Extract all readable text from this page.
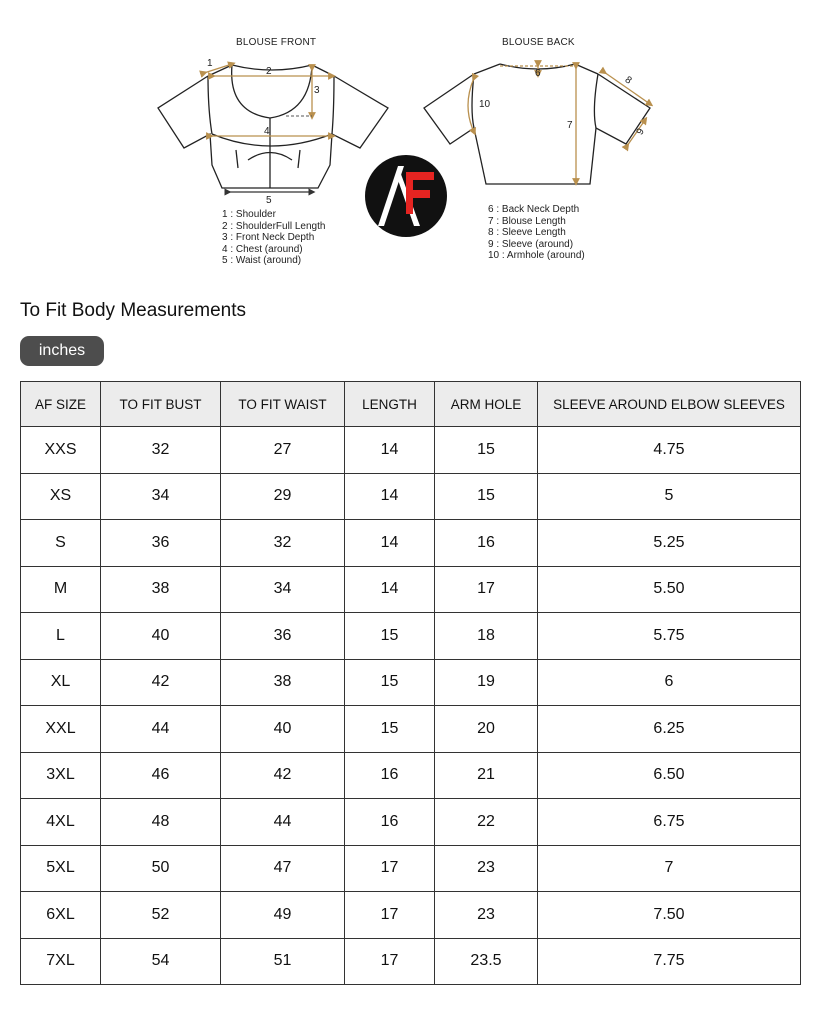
BLOUSE FRONT	BLOUSE BACK
1
2
3
4
5
6
7
8
9
10
1 : Shoulder
2 : ShoulderFull Length
3 : Front Neck Depth
4 : Chest (around)
5 : Waist (around)
6 : Back Neck Depth
7 : Blouse Length
8 : Sleeve Length
9 : Sleeve (around)
10 : Armhole (around)
To Fit Body Measurements
inches
AF SIZE	TO FIT BUST	TO FIT WAIST	LENGTH	ARM HOLE	SLEEVE AROUND ELBOW SLEEVES
XXS	32	27	14	15	4.75
XS	34	29	14	15	5
S	36	32	14	16	5.25
M	38	34	14	17	5.50
L	40	36	15	18	5.75
XL	42	38	15	19	6
XXL	44	40	15	20	6.25
3XL	46	42	16	21	6.50
4XL	48	44	16	22	6.75
5XL	50	47	17	23	7
6XL	52	49	17	23	7.50
7XL	54	51	17	23.5	7.75
